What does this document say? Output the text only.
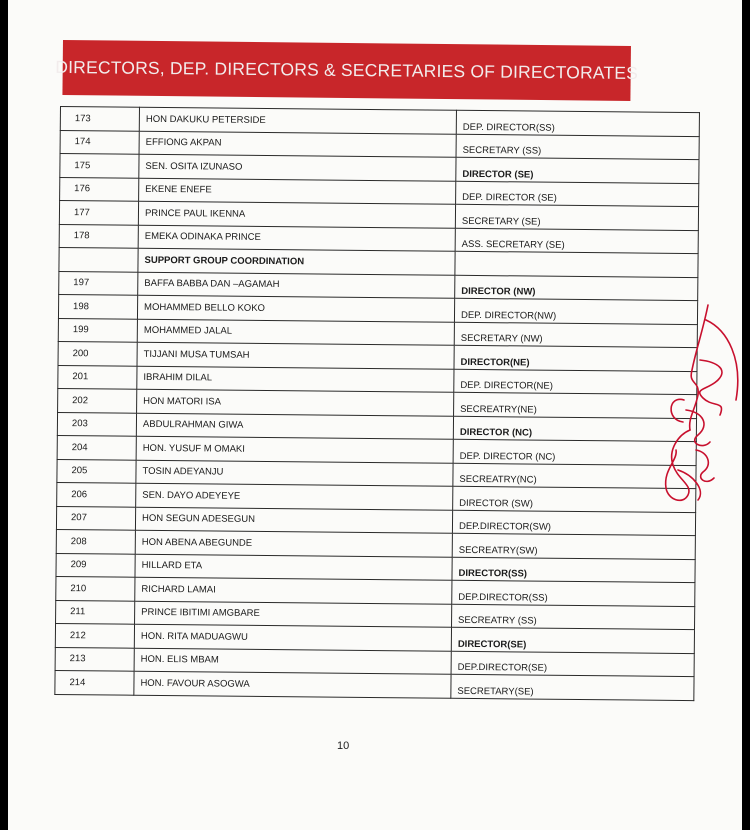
DIRECTORS, DEP. DIRECTORS & SECRETARIES OF DIRECTORATES
173	HON DAKUKU PETERSIDE	DEP. DIRECTOR(SS)
174	EFFIONG AKPAN	SECRETARY (SS)
175	SEN. OSITA IZUNASO	DIRECTOR (SE)
176	EKENE ENEFE	DEP. DIRECTOR (SE)
177	PRINCE PAUL IKENNA	SECRETARY (SE)
178	EMEKA ODINAKA PRINCE	ASS. SECRETARY (SE)
	SUPPORT GROUP COORDINATION	
197	BAFFA BABBA DAN –AGAMAH	DIRECTOR (NW)
198	MOHAMMED BELLO KOKO	DEP. DIRECTOR(NW)
199	MOHAMMED JALAL	SECRETARY (NW)
200	TIJJANI MUSA TUMSAH	DIRECTOR(NE)
201	IBRAHIM DILAL	DEP. DIRECTOR(NE)
202	HON MATORI ISA	SECREATRY(NE)
203	ABDULRAHMAN GIWA	DIRECTOR (NC)
204	HON. YUSUF M OMAKI	DEP. DIRECTOR (NC)
205	TOSIN ADEYANJU	SECREATRY(NC)
206	SEN. DAYO ADEYEYE	DIRECTOR (SW)
207	HON SEGUN ADESEGUN	DEP.DIRECTOR(SW)
208	HON ABENA ABEGUNDE	SECREATRY(SW)
209	HILLARD ETA	DIRECTOR(SS)
210	RICHARD LAMAI	DEP.DIRECTOR(SS)
211	PRINCE IBITIMI AMGBARE	SECREATRY (SS)
212	HON. RITA MADUAGWU	DIRECTOR(SE)
213	HON. ELIS MBAM	DEP.DIRECTOR(SE)
214	HON. FAVOUR ASOGWA	SECRETARY(SE)
10
